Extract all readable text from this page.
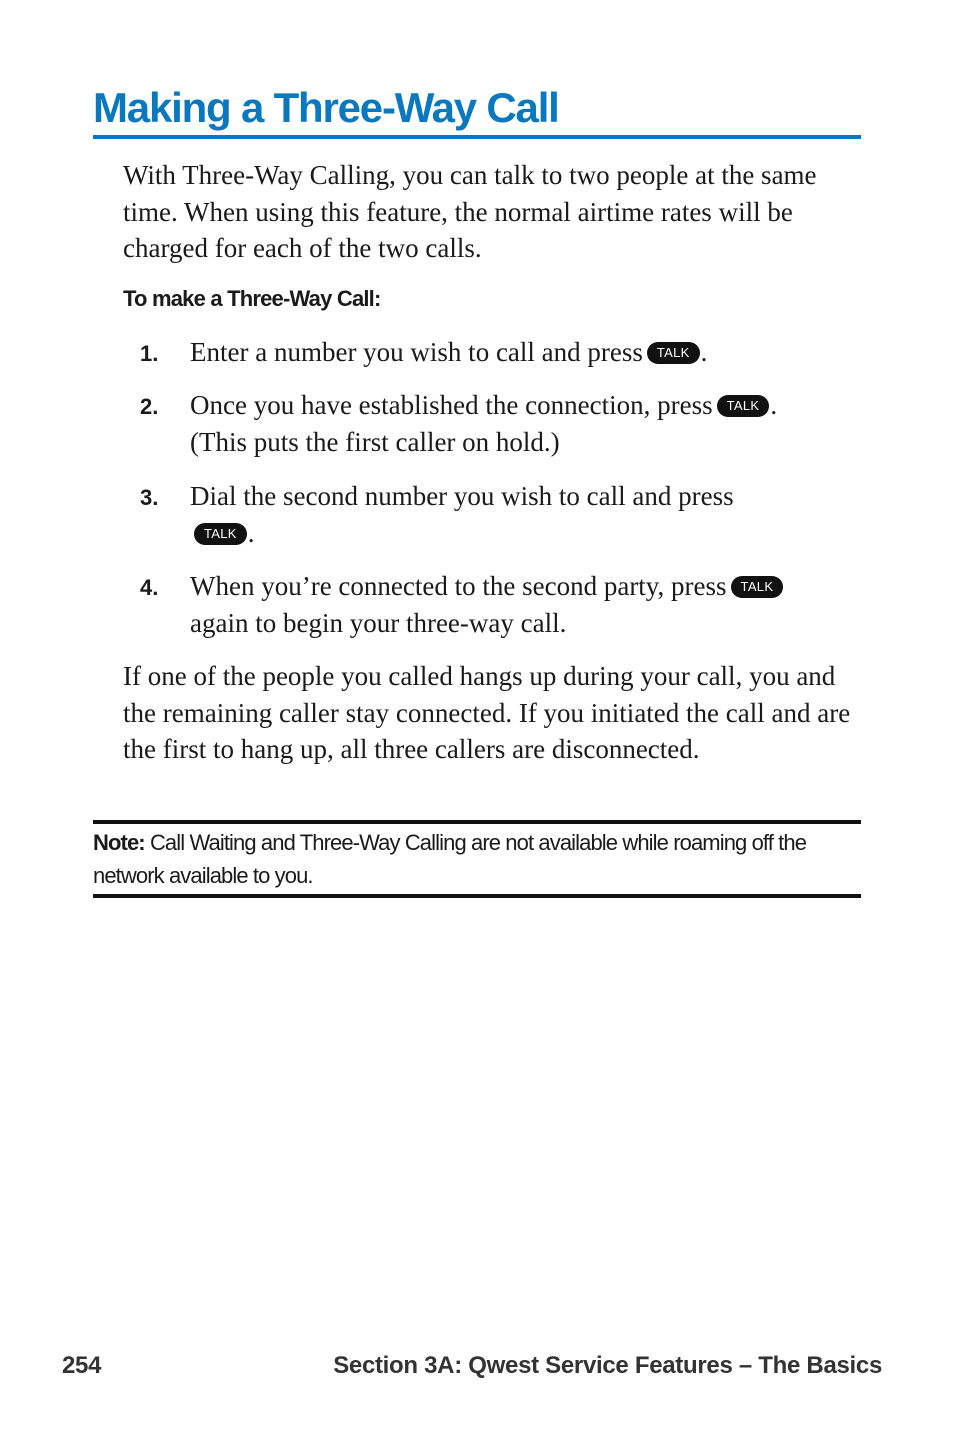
Making a Three-Way Call

With Three-Way Calling, you can talk to two people at the same time. When using this feature, the normal airtime rates will be charged for each of the two calls.

To make a Three-Way Call:

1. Enter a number you wish to call and press TALK .
2. Once you have established the connection, press TALK . (This puts the first caller on hold.)
3. Dial the second number you wish to call and pressTALK .
4. When you’re connected to the second party, press TALK again to begin your three-way call.

If one of the people you called hangs up during your call, you and the remaining caller stay connected. If you initiated the call and are the first to hang up, all three callers are disconnected.

Note: Call Waiting and Three-Way Calling are not available while roaming off the network available to you.

254	Section 3A: Qwest Service Features – The Basics
